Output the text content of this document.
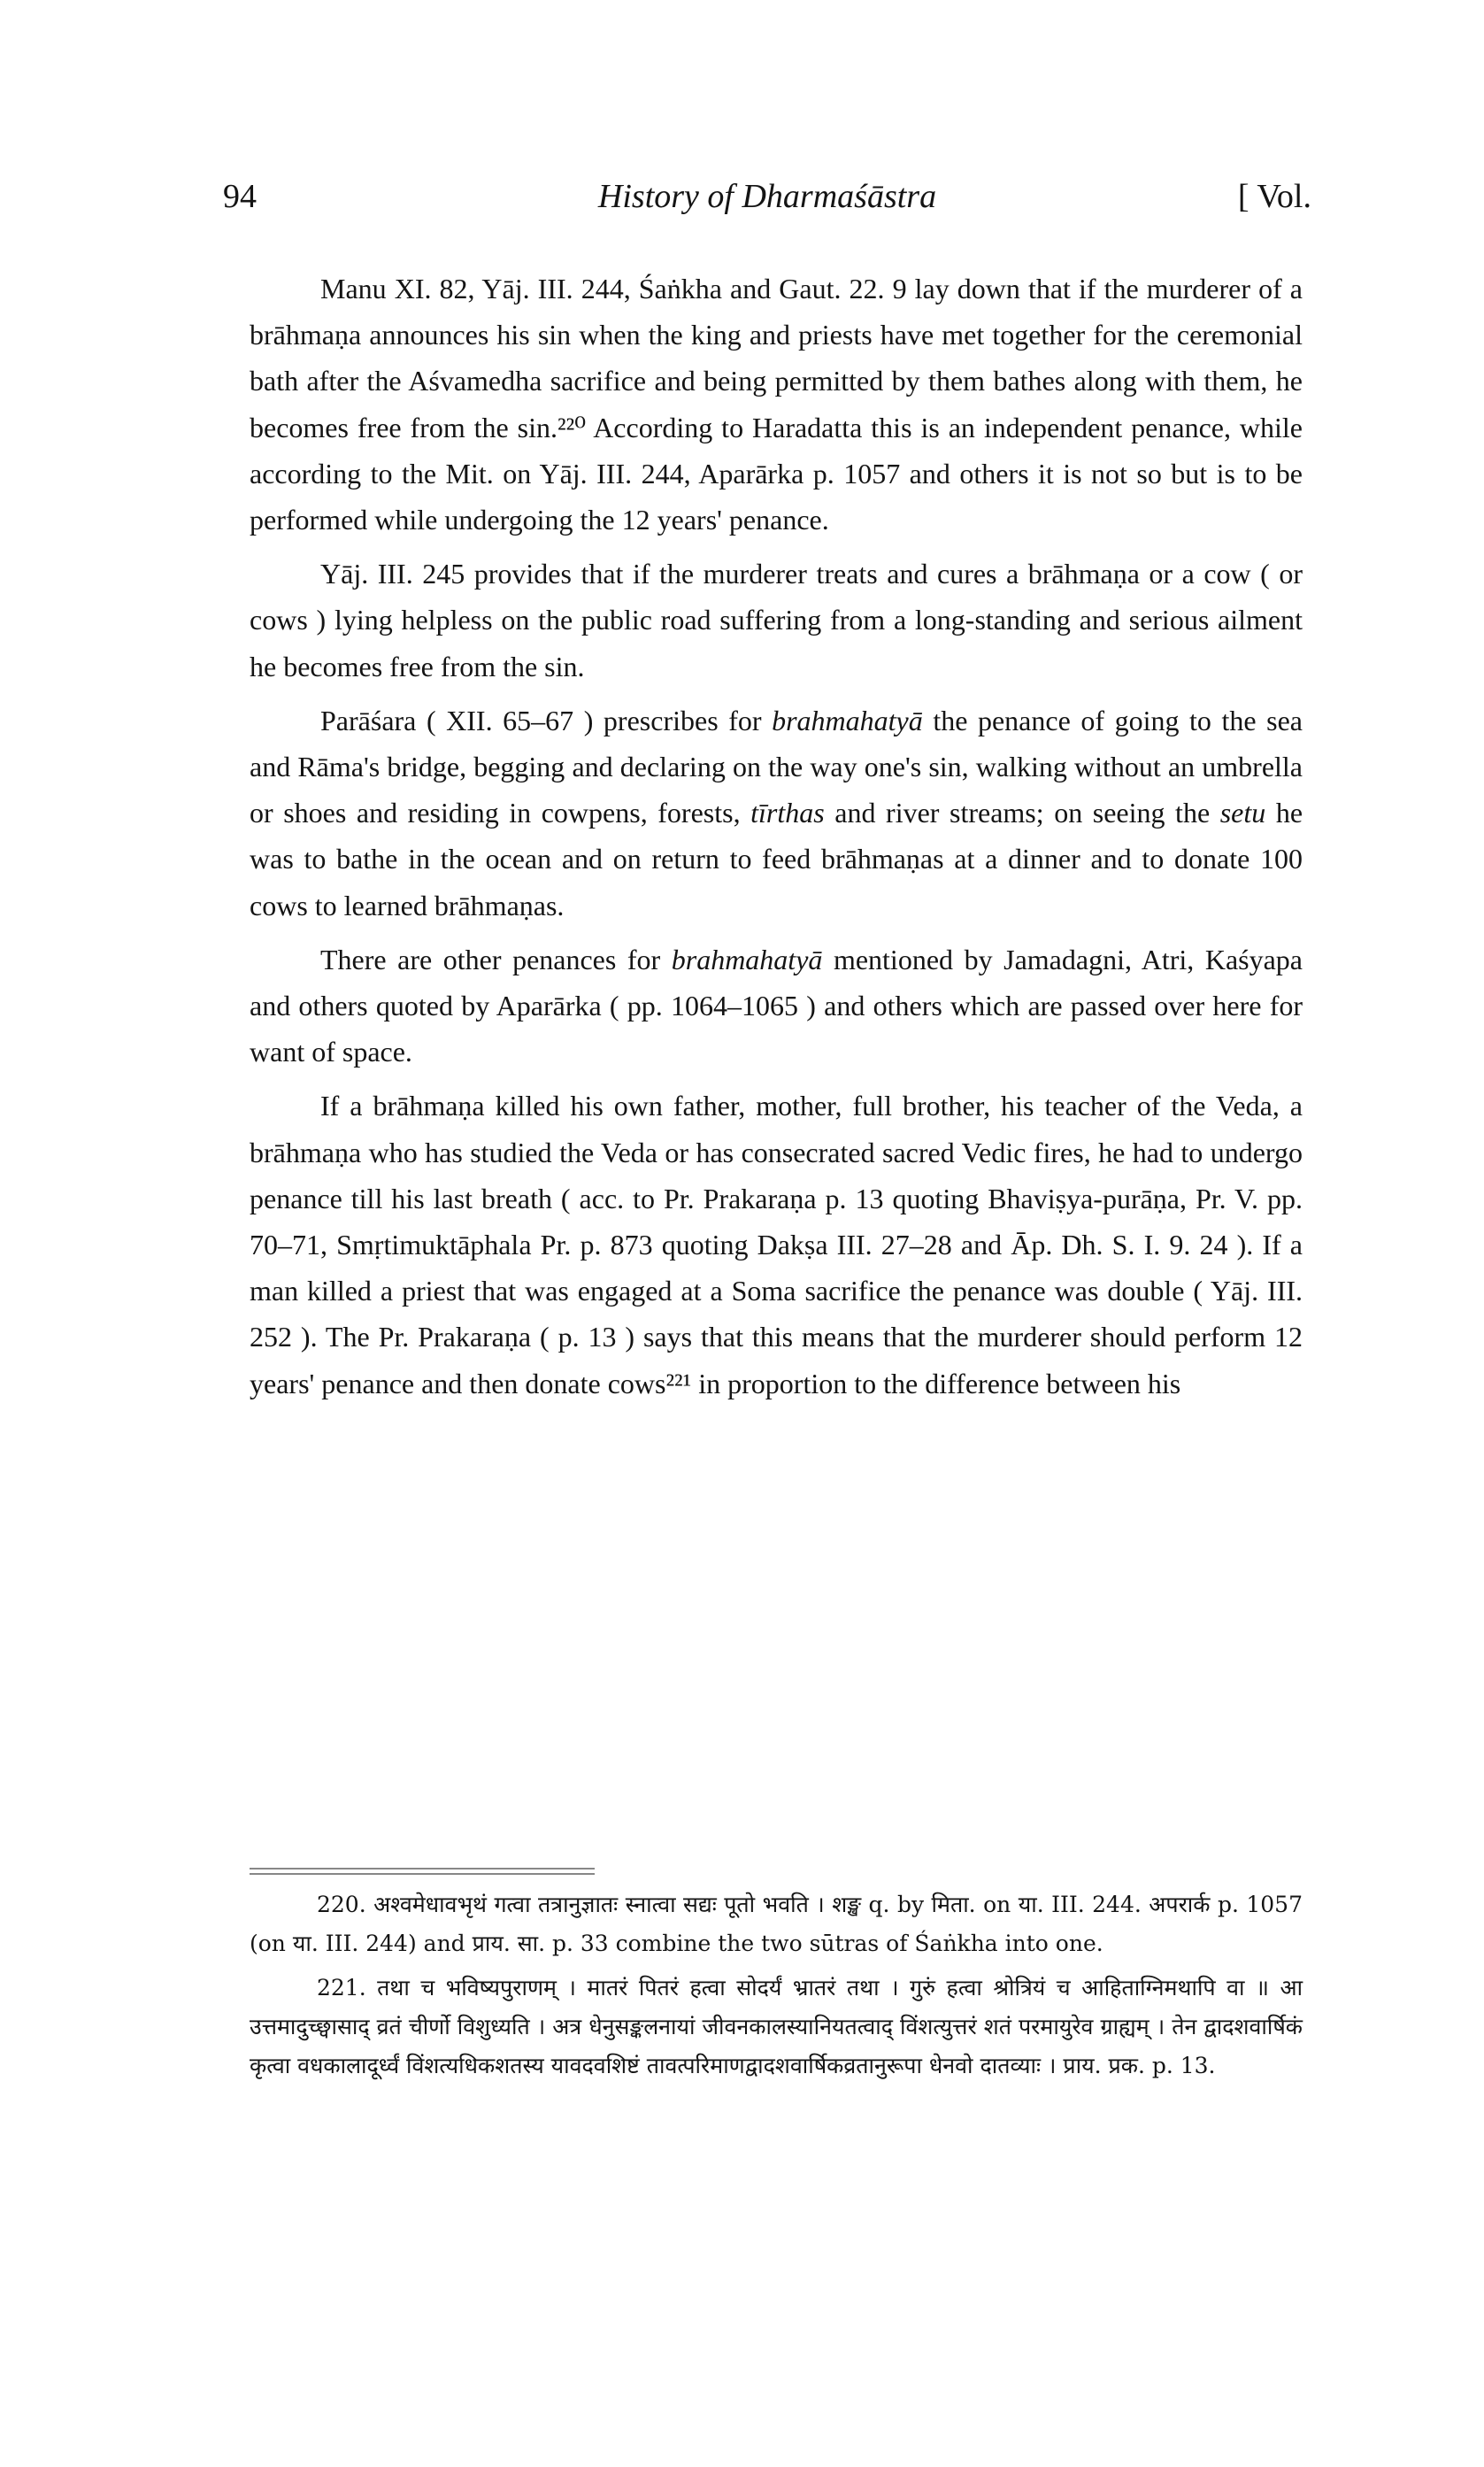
94	History of Dharmaśāstra	[ Vol.

Manu XI. 82, Yāj. III. 244, Śaṅkha and Gaut. 22. 9 lay down that if the murderer of a brāhmaṇa announces his sin when the king and priests have met together for the ceremonial bath after the Aśvamedha sacrifice and being permitted by them bathes along with them, he becomes free from the sin.²²⁰ According to Haradatta this is an independent penance, while according to the Mit. on Yāj. III. 244, Aparārka p. 1057 and others it is not so but is to be performed while undergoing the 12 years' penance.

Yāj. III. 245 provides that if the murderer treats and cures a brāhmaṇa or a cow ( or cows ) lying helpless on the public road suffering from a long-standing and serious ailment he becomes free from the sin.

Parāśara ( XII. 65–67 ) prescribes for brahmahatyā the penance of going to the sea and Rāma's bridge, begging and declaring on the way one's sin, walking without an umbrella or shoes and residing in cowpens, forests, tīrthas and river streams; on seeing the setu he was to bathe in the ocean and on return to feed brāhmaṇas at a dinner and to donate 100 cows to learned brāhmaṇas.

There are other penances for brahmahatyā mentioned by Jamadagni, Atri, Kaśyapa and others quoted by Aparārka ( pp. 1064–1065 ) and others which are passed over here for want of space.

If a brāhmaṇa killed his own father, mother, full brother, his teacher of the Veda, a brāhmaṇa who has studied the Veda or has consecrated sacred Vedic fires, he had to undergo penance till his last breath ( acc. to Pr. Prakaraṇa p. 13 quoting Bhaviṣya-purāṇa, Pr. V. pp. 70–71, Smṛtimuktāphala Pr. p. 873 quoting Dakṣa III. 27–28 and Āp. Dh. S. I. 9. 24 ). If a man killed a priest that was engaged at a Soma sacrifice the penance was double ( Yāj. III. 252 ). The Pr. Prakaraṇa ( p. 13 ) says that this means that the murderer should perform 12 years' penance and then donate cows²²¹ in proportion to the difference between his

220. अश्वमेधावभृथं गत्वा तत्रानुज्ञातः स्नात्वा सद्यः पूतो भवति । शङ्ख q. by मिता. on या. III. 244. अपरार्क p. 1057 (on या. III. 244) and प्राय. सा. p. 33 combine the two sūtras of Śaṅkha into one.

221. तथा च भविष्यपुराणम् । मातरं पितरं हत्वा सोदर्यं भ्रातरं तथा । गुरुं हत्वा श्रोत्रियं च आहिताग्निमथापि वा ॥ आ उत्तमादुच्छ्वासाद् व्रतं चीर्णो विशुध्यति । अत्र धेनुसङ्कलनायां जीवनकालस्यानियतत्वाद् विंशत्युत्तरं शतं परमायुरेव ग्राह्यम् । तेन द्वादशवार्षिकं कृत्वा वधकालादूर्ध्वं विंशत्यधिकशतस्य यावदवशिष्टं तावत्परिमाणद्वादशवार्षिकव्रतानुरूपा धेनवो दातव्याः । प्राय. प्रक. p. 13.
